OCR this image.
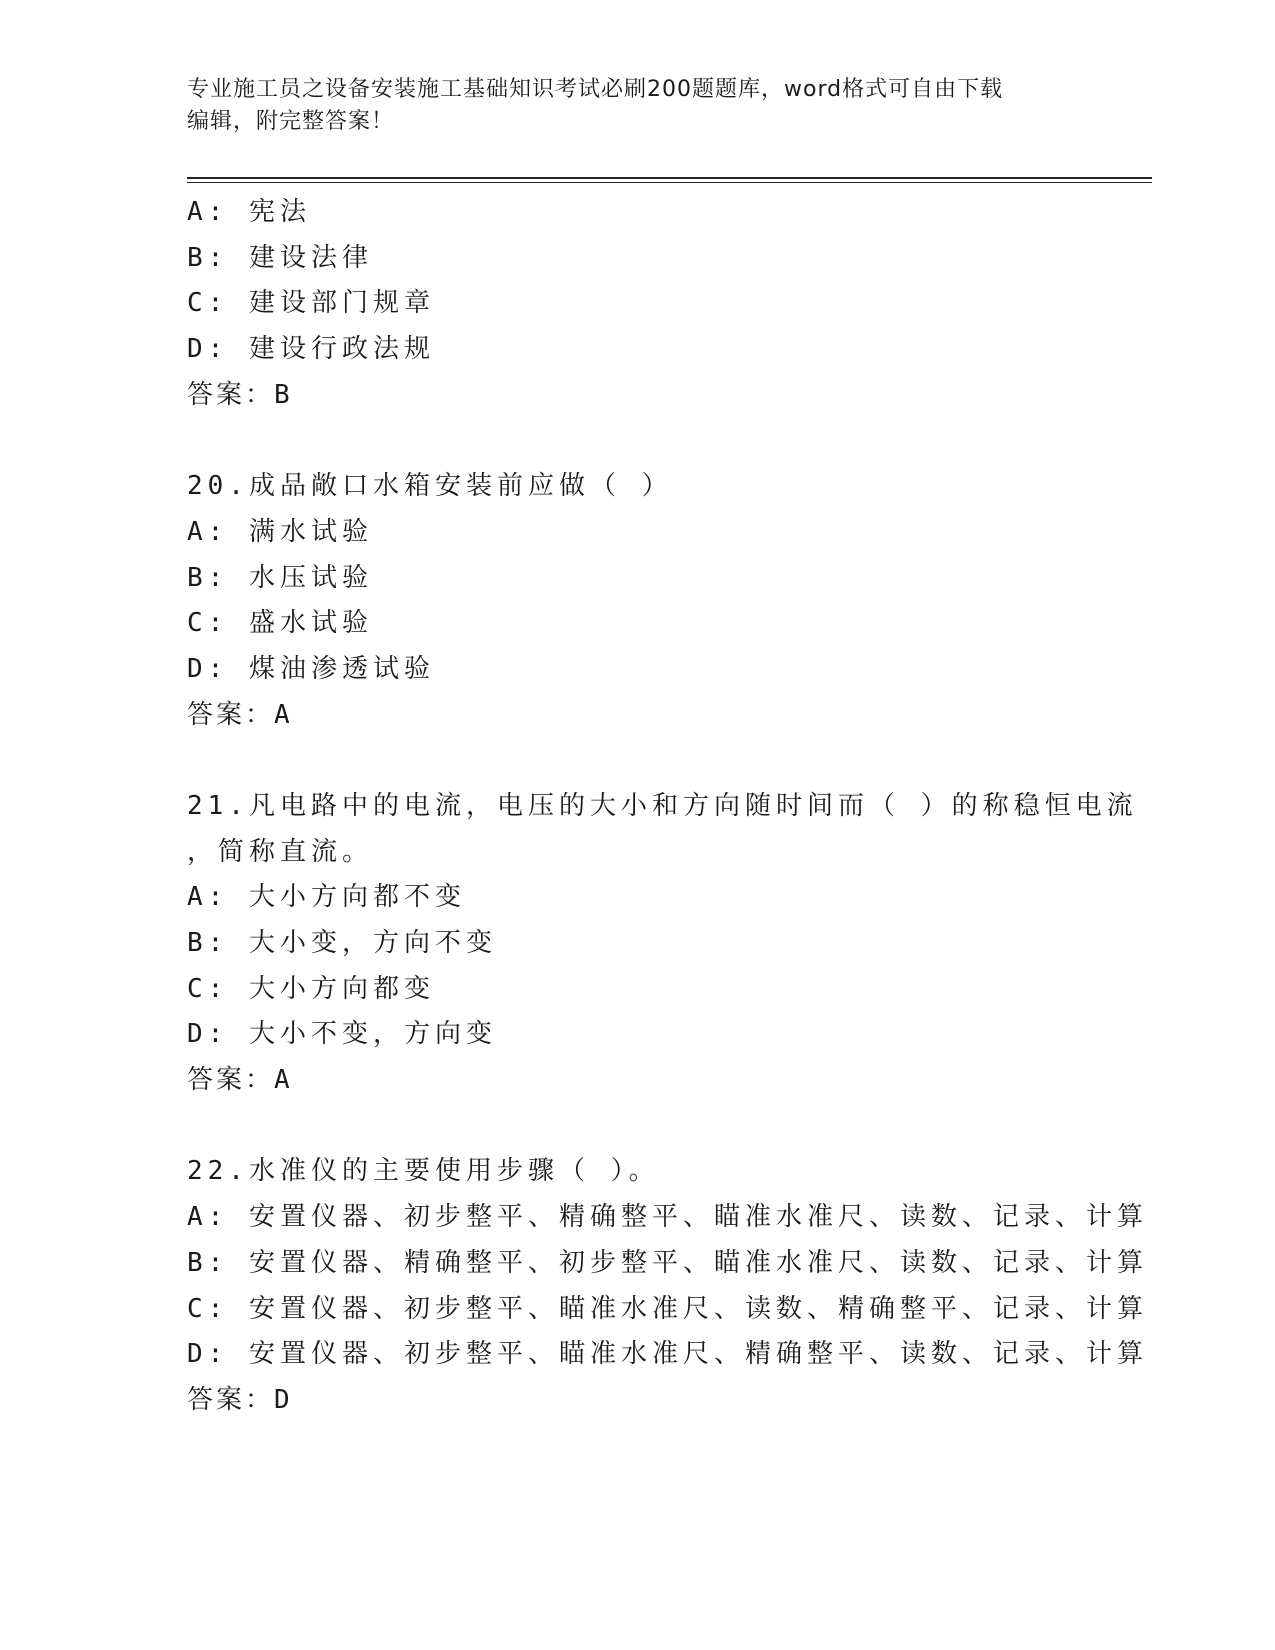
专业施工员之设备安装施工基础知识考试必刷200题题库，word格式可自由下载
编辑，附完整答案！
A: 宪法
B: 建设法律
C: 建设部门规章
D: 建设行政法规
答案：B
20.成品敞口水箱安装前应做（ ）
A: 满水试验
B: 水压试验
C: 盛水试验
D: 煤油渗透试验
答案：A
21.凡电路中的电流，电压的大小和方向随时间而（ ）的称稳恒电流
，简称直流。
A: 大小方向都不变
B: 大小变，方向不变
C: 大小方向都变
D: 大小不变，方向变
答案：A
22.水准仪的主要使用步骤（ ）。
A: 安置仪器、初步整平、精确整平、瞄准水准尺、读数、记录、计算
B: 安置仪器、精确整平、初步整平、瞄准水准尺、读数、记录、计算
C: 安置仪器、初步整平、瞄准水准尺、读数、精确整平、记录、计算
D: 安置仪器、初步整平、瞄准水准尺、精确整平、读数、记录、计算
答案：D
